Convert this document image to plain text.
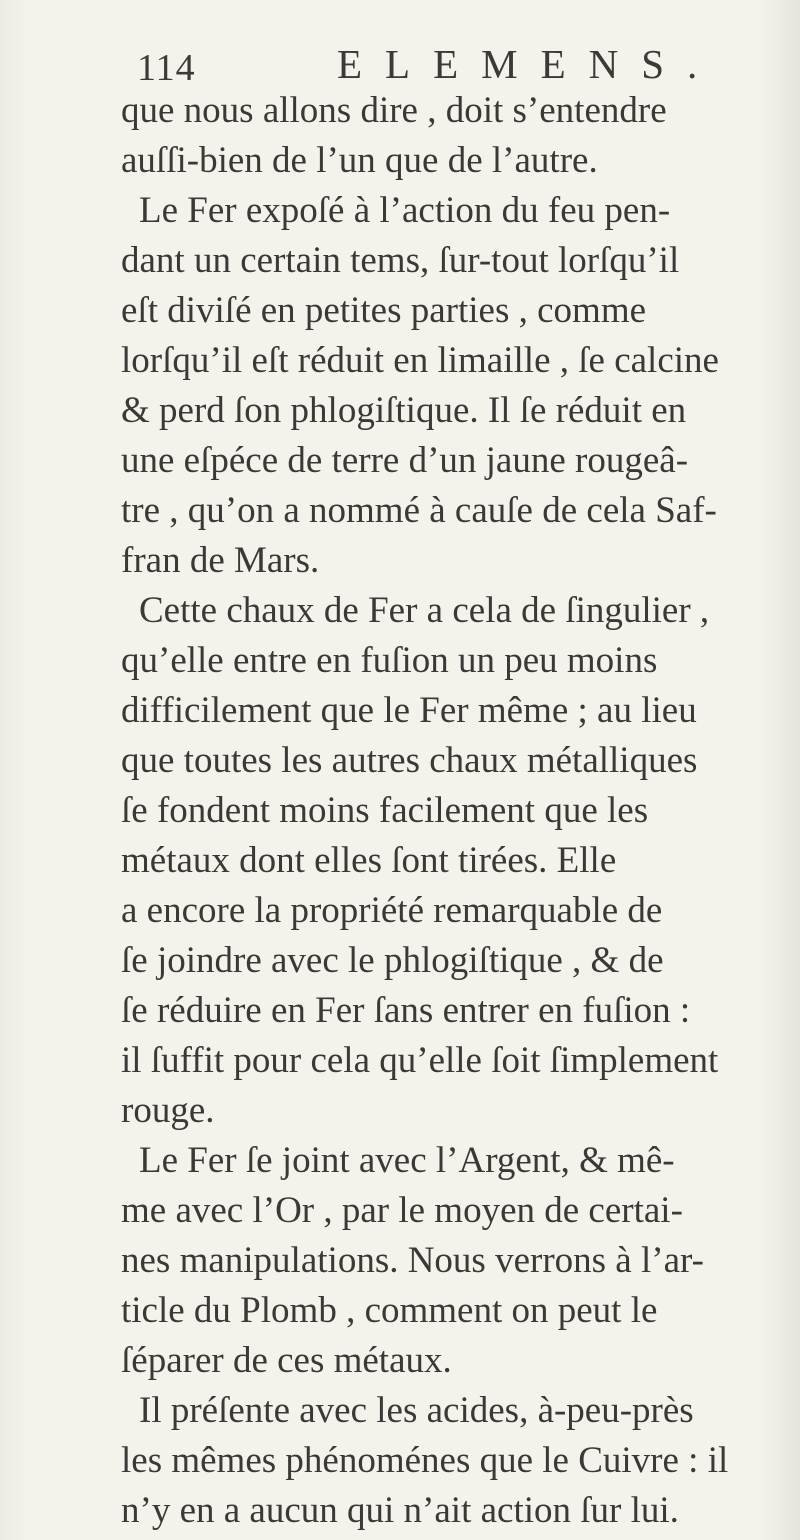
114	ELEMENS.
que nous allons dire , doit s’entendre
auſſi-bien de l’un que de l’autre.
Le Fer expoſé à l’action du feu pen-
dant un certain tems, ſur-tout lorſqu’il
eſt diviſé en petites parties , comme
lorſqu’il eſt réduit en limaille , ſe calcine
& perd ſon phlogiſtique. Il ſe réduit en
une eſpéce de terre d’un jaune rougeâ-
tre , qu’on a nommé à cauſe de cela Saf-
fran de Mars.
Cette chaux de Fer a cela de ſingulier ,
qu’elle entre en fuſion un peu moins
difficilement que le Fer même ; au lieu
que toutes les autres chaux métalliques
ſe fondent moins facilement que les
métaux dont elles ſont tirées. Elle
a encore la propriété remarquable de
ſe joindre avec le phlogiſtique , & de
ſe réduire en Fer ſans entrer en fuſion :
il ſuffit pour cela qu’elle ſoit ſimplement
rouge.
Le Fer ſe joint avec l’Argent, & mê-
me avec l’Or , par le moyen de certai-
nes manipulations. Nous verrons à l’ar-
ticle du Plomb , comment on peut le
ſéparer de ces métaux.
Il préſente avec les acides, à-peu-près
les mêmes phénoménes que le Cuivre : il
n’y en a aucun qui n’ait action ſur lui.
